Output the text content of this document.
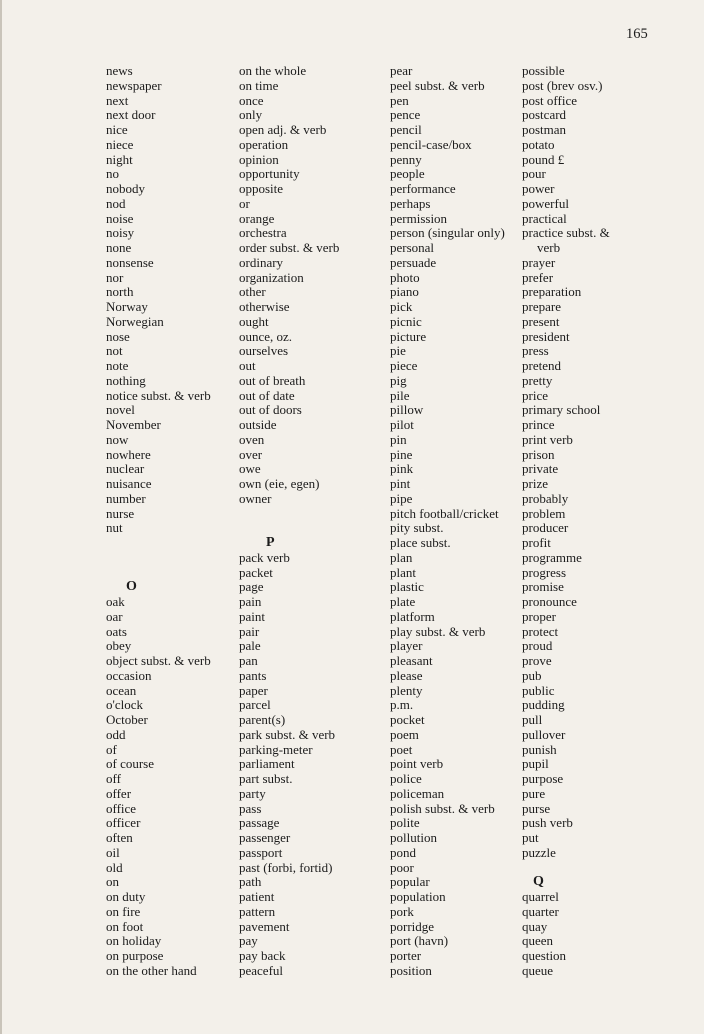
165
news
newspaper
next
next door
nice
niece
night
no
nobody
nod
noise
noisy
none
nonsense
nor
north
Norway
Norwegian
nose
not
note
nothing
notice subst. & verb
novel
November
now
nowhere
nuclear
nuisance
number
nurse
nut
O
oak
oar
oats
obey
object subst. & verb
occasion
ocean
o'clock
October
odd
of
of course
off
offer
office
officer
often
oil
old
on
on duty
on fire
on foot
on holiday
on purpose
on the other hand
on the whole
on time
once
only
open adj. & verb
operation
opinion
opportunity
opposite
or
orange
orchestra
order subst. & verb
ordinary
organization
other
otherwise
ought
ounce, oz.
ourselves
out
out of breath
out of date
out of doors
outside
oven
over
owe
own (eie, egen)
owner
P
pack verb
packet
page
pain
paint
pair
pale
pan
pants
paper
parcel
parent(s)
park subst. & verb
parking-meter
parliament
part subst.
party
pass
passage
passenger
passport
past (forbi, fortid)
path
patient
pattern
pavement
pay
pay back
peaceful
pear
peel subst. & verb
pen
pence
pencil
pencil-case/box
penny
people
performance
perhaps
permission
person (singular only)
personal
persuade
photo
piano
pick
picnic
picture
pie
piece
pig
pile
pillow
pilot
pin
pine
pink
pint
pipe
pitch football/cricket
pity subst.
place subst.
plan
plant
plastic
plate
platform
play subst. & verb
player
pleasant
please
plenty
p.m.
pocket
poem
poet
point verb
police
policeman
polish subst. & verb
polite
pollution
pond
poor
popular
population
pork
porridge
port (havn)
porter
position
possible
post (brev osv.)
post office
postcard
postman
potato
pound £
pour
power
powerful
practical
practice subst. &
verb
prayer
prefer
preparation
prepare
present
president
press
pretend
pretty
price
primary school
prince
print verb
prison
private
prize
probably
problem
producer
profit
programme
progress
promise
pronounce
proper
protect
proud
prove
pub
public
pudding
pull
pullover
punish
pupil
purpose
pure
purse
push verb
put
puzzle
Q
quarrel
quarter
quay
queen
question
queue
